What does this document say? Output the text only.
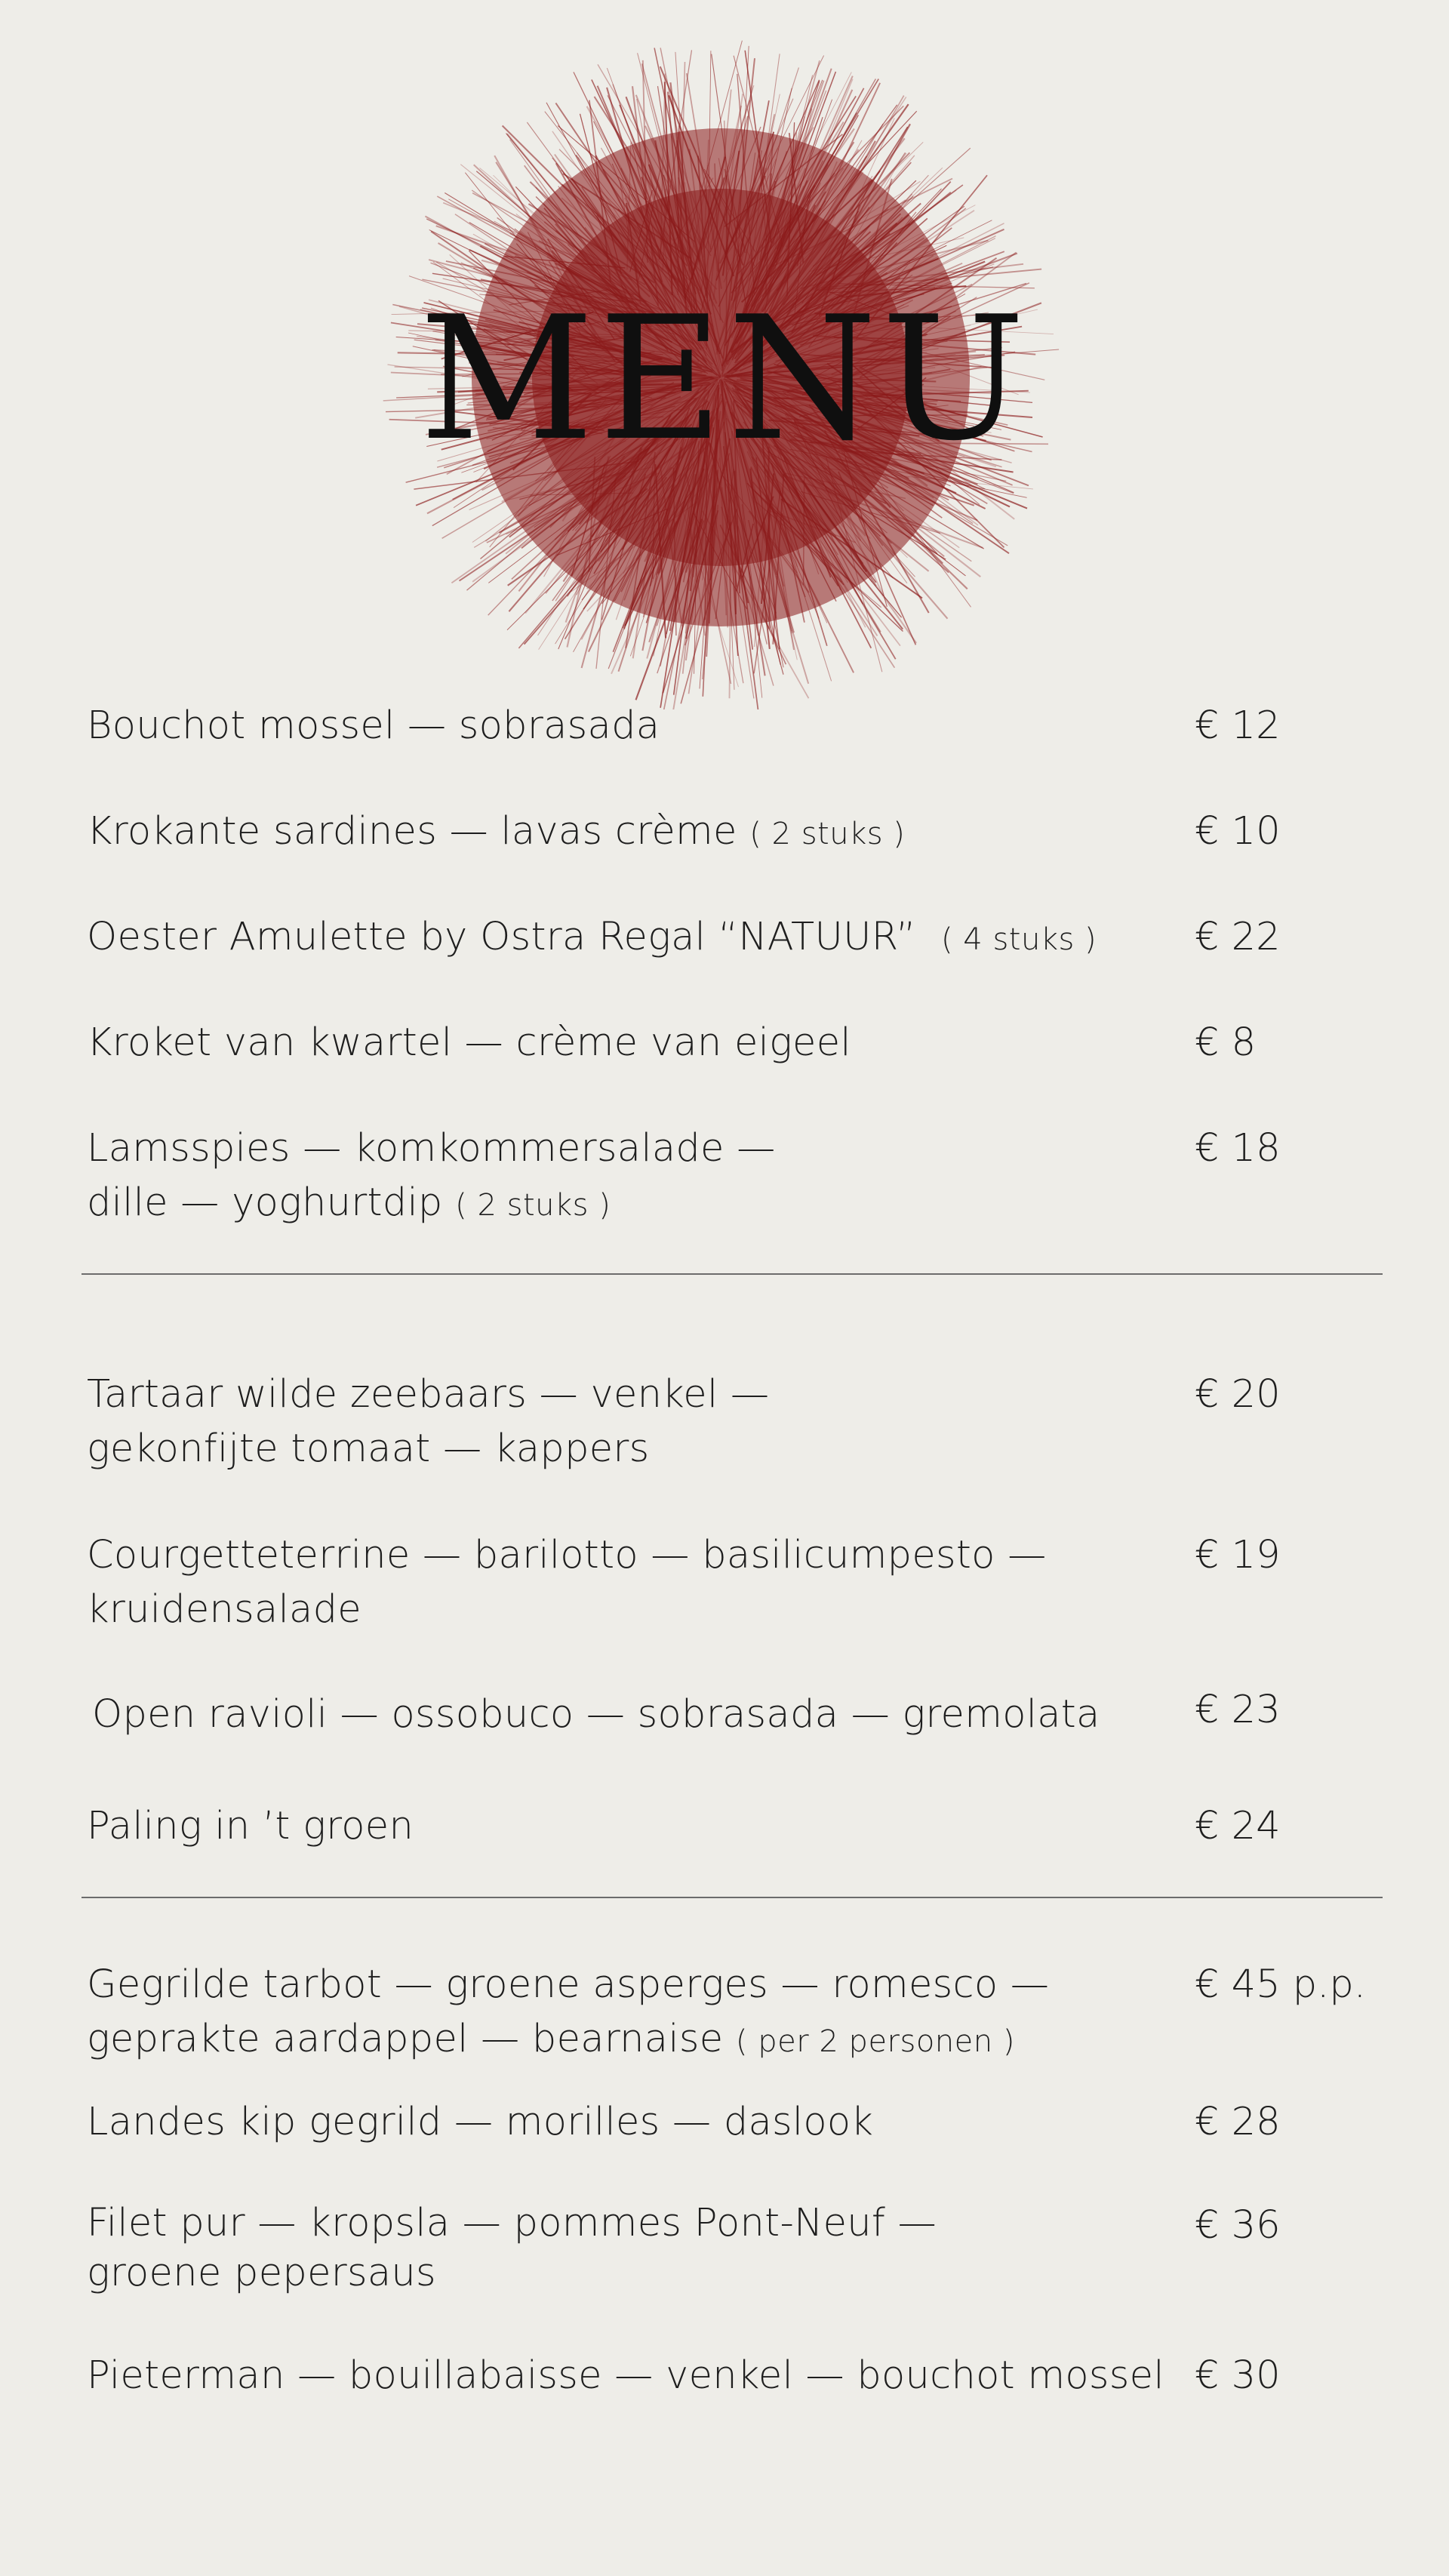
MENU
Bouchot mossel — sobrasada	€ 12
Krokante sardines — lavas crème ( 2 stuks )	€ 10
Oester Amulette by Ostra Regal “NATUUR” ( 4 stuks )	€ 22
Kroket van kwartel — crème van eigeel	€ 8
Lamsspies — komkommersalade —
dille — yoghurtdip ( 2 stuks )
€ 18
Tartaar wilde zeebaars — venkel —
gekonfijte tomaat — kappers
€ 20
Courgetteterrine — barilotto — basilicumpesto —
kruidensalade
€ 19
Open ravioli — ossobuco — sobrasada — gremolata	€ 23
Paling in ’t groen	€ 24
Gegrilde tarbot — groene asperges — romesco —
geprakte aardappel — bearnaise ( per 2 personen )
€ 45 p.p.
Landes kip gegrild — morilles — daslook	€ 28
Filet pur — kropsla — pommes Pont-Neuf —
groene pepersaus
€ 36
Pieterman — bouillabaisse — venkel — bouchot mossel € 30
